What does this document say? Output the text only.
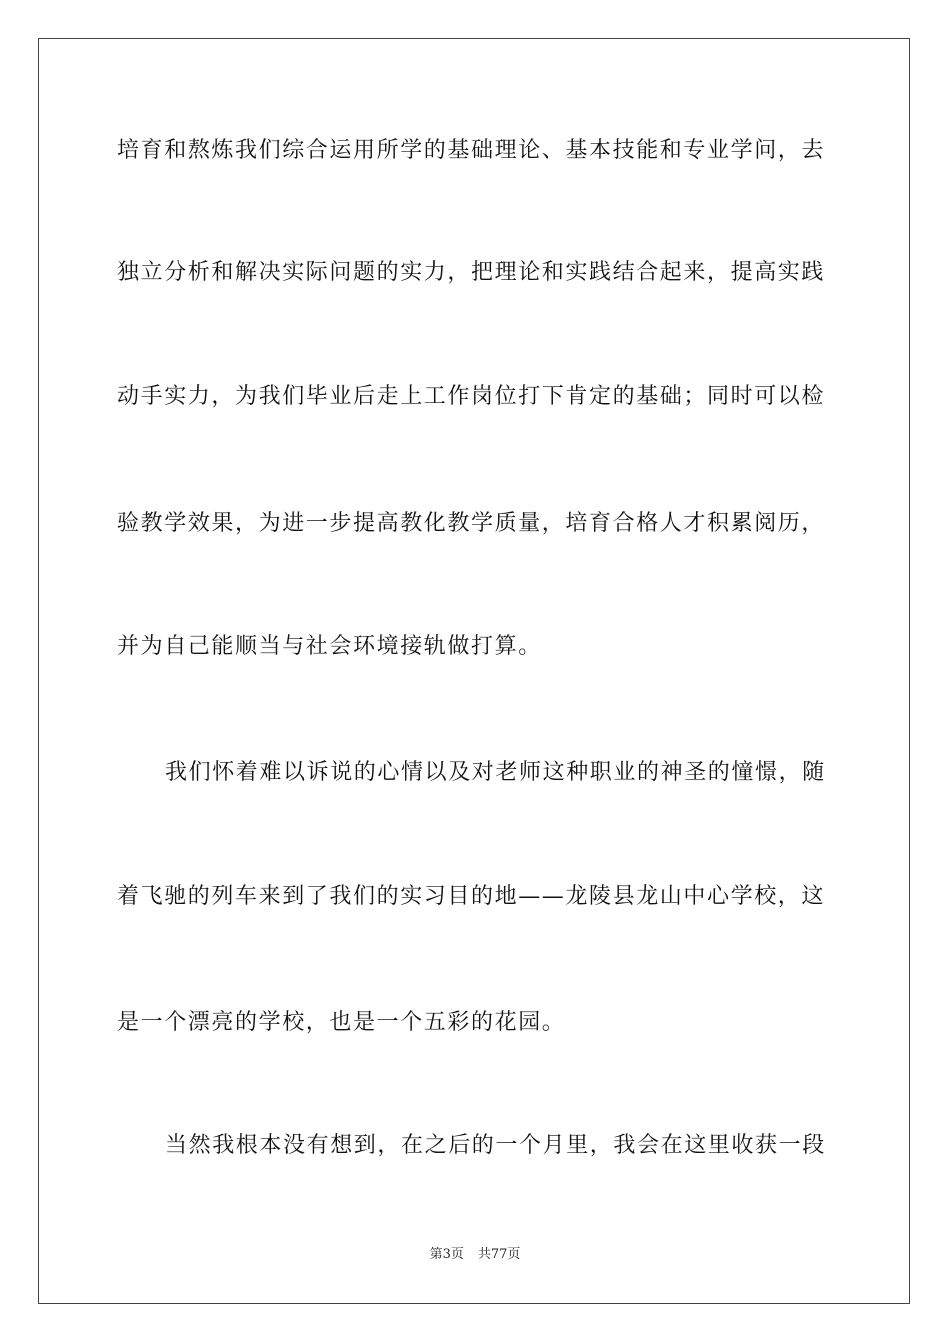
培育和熬炼我们综合运用所学的基础理论、基本技能和专业学问，去
独立分析和解决实际问题的实力，把理论和实践结合起来，提高实践
动手实力，为我们毕业后走上工作岗位打下肯定的基础；同时可以检
验教学效果，为进一步提高教化教学质量，培育合格人才积累阅历，
并为自己能顺当与社会环境接轨做打算。
我们怀着难以诉说的心情以及对老师这种职业的神圣的憧憬，随
着飞驰的列车来到了我们的实习目的地——龙陵县龙山中心学校，这
是一个漂亮的学校，也是一个五彩的花园。
当然我根本没有想到，在之后的一个月里，我会在这里收获一段
第3页 共77页
